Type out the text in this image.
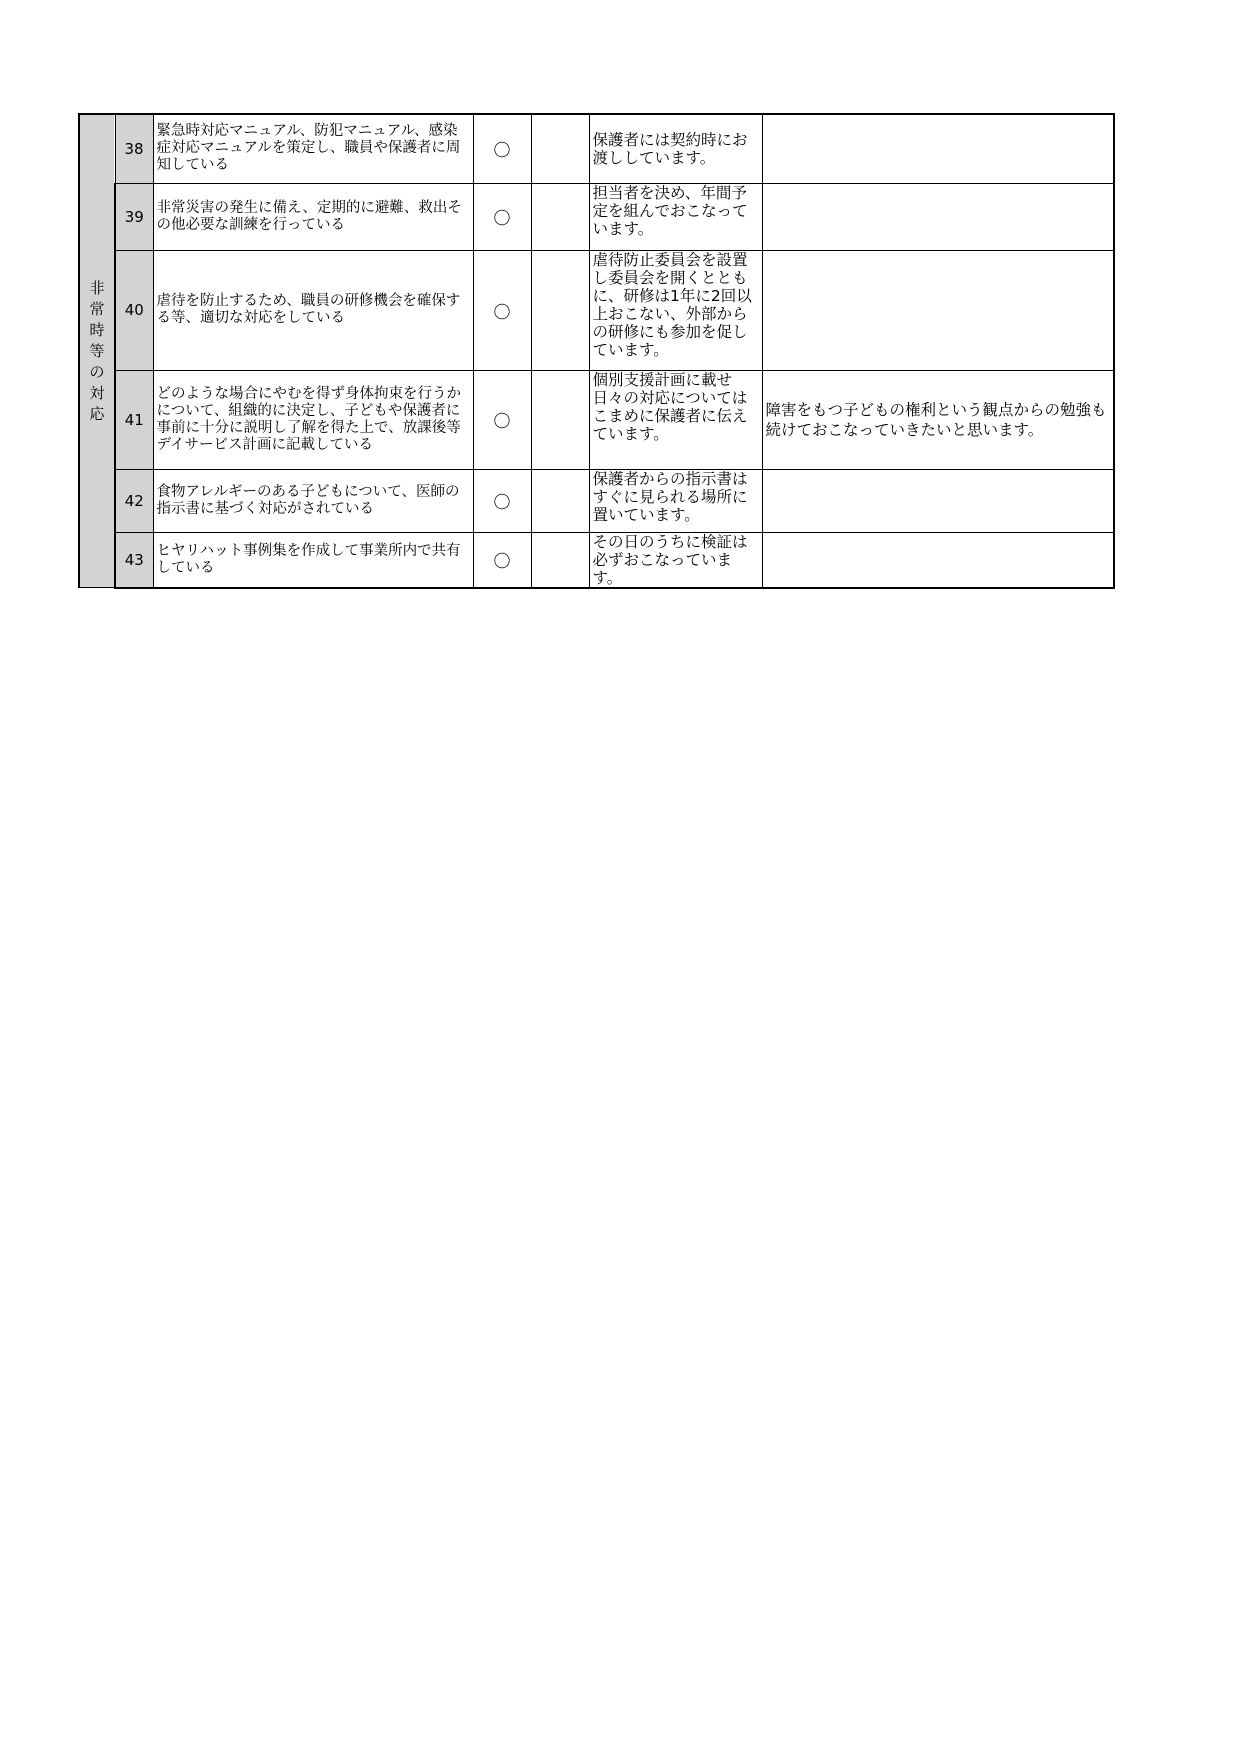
非常時等の対応	38	緊急時対応マニュアル、防犯マニュアル、感染症対応マニュアルを策定し、職員や保護者に周知している	〇		保護者には契約時にお渡ししています。	
	39	非常災害の発生に備え、定期的に避難、救出その他必要な訓練を行っている	〇		担当者を決め、年間予定を組んでおこなっています。	
	40	虐待を防止するため、職員の研修機会を確保する等、適切な対応をしている	〇		虐待防止委員会を設置し委員会を開くとともに、研修は1年に2回以上おこない、外部からの研修にも参加を促しています。	
	41	どのような場合にやむを得ず身体拘束を行うかについて、組織的に決定し、子どもや保護者に事前に十分に説明し了解を得た上で、放課後等デイサービス計画に記載している	〇		個別支援計画に載せ日々の対応についてはこまめに保護者に伝えています。	障害をもつ子どもの権利という観点からの勉強も続けておこなっていきたいと思います。
	42	食物アレルギーのある子どもについて、医師の指示書に基づく対応がされている	〇		保護者からの指示書はすぐに見られる場所に置いています。	
	43	ヒヤリハット事例集を作成して事業所内で共有している	〇		その日のうちに検証は必ずおこなっています。	
